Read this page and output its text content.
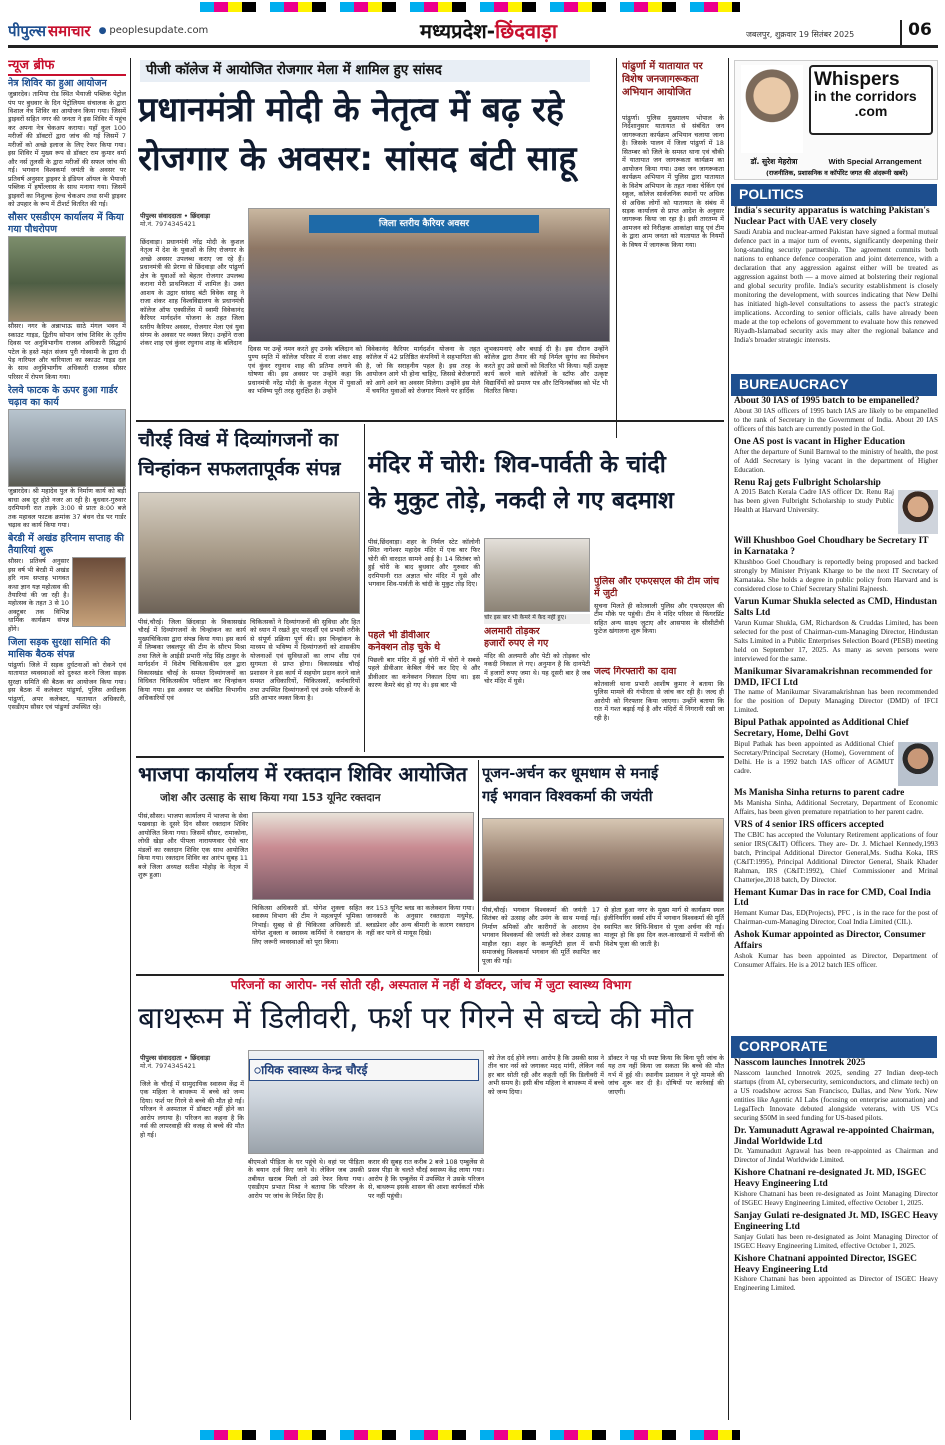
पीपुल्स समाचार ● peoplesupdate.com	मध्यप्रदेश-छिंदवाड़ा	जबलपुर, शुक्रवार 19 सितंबर 2025	06
न्यूज ब्रीफ
नेत्र शिविर का हुआ आयोजन
जुन्नारदेव। तामिया रोड स्थित भैयाजी पब्लिक पेट्रोल पंप पर बुधवार के दिन पेट्रोलियम संचालक के द्वारा विशाल नेत्र शिविर का आयोजन किया गया। जिसमें ड्राइवरों सहित नगर की जनता ने इस शिविर में पहुंच कर अपना नेत्र चेकअप कराया। यहाँ कुल 100 मरीजों की डॉक्टरों द्वारा जांच की गई जिसमें 7 मरीजों को अच्छे इलाज के लिए रेफर किया गया। इस शिविर में मुख्य रूप से डॉक्टर राम कुमार वर्मा और नर्स तुलसी के द्वारा मरीजों की सफल जांच की गई। भगवान विश्वकर्मा जयंती के अवसर पर प्रतिवर्ष अनुसार ड्राइवर डे इंडियन ऑयल के भैयाजी पब्लिक में हर्षोल्लास के साथ मनाया गया। जिसमें ड्राइवरों का निशुल्क हेल्थ चेकअप तथा सभी ड्राइवर को उपहार के रूप में टीशर्ट वितरित की गई।
सौसर एसडीएम कार्यालय में किया गया पौधरोपण
सौसर। नगर के अन्नाभाऊ साठे मंगल भवन में स्काउट गाइड, द्वितीय सोपान जांच शिविर के तृतीय दिवस पर अनुविभागीय राजस्व अधिकारी सिद्धार्थ पटेल के हस्ते महंत संजय पुरी गोस्वामी के द्वारा दी पेड़ नारियल और चारियाला का स्काउट गाइड दल के साथ अनुविभागीय अधिकारी राजस्व सौसर परिसर में रोपण किया गया।
रेलवे फाटक के ऊपर हुआ गार्डर चढ़ाव का कार्य
जुन्नारदेव। श्री महादेव पुल के निर्माण कार्य को बड़ी बाधा अब दूर होते नजर आ रही है। बुधवार-गुरुवार दरमियानी रात तड़के 3:00 से प्रातः 8:00 बजे तक महावल फाटक क्रमांक 37 बंधन रोड पर गार्डर चढ़ाव का कार्य किया गया।
बेरडी में अखंड हरिनाम सप्ताह की तैयारियां शुरू
सौसर। प्रतिवर्ष अनुसार इस वर्ष भी बेरडी में अखंड हरि नाम सप्ताह भागवत कथा ज्ञान यज्ञ महोत्सव की तैयारियां की जा रही है। महोत्सव के तहत 3 से 10 अक्टूबर तक विभिन्न धार्मिक कार्यक्रम संपन्न होंगे।
जिला सड़क सुरक्षा समिति की मासिक बैठक संपन्न
पांढुर्णा। जिले में सड़क दुर्घटनाओं को रोकने एवं यातायात व्यवस्थाओं को दुरुस्त करने जिला सड़क सुरक्षा समिति की बैठक का आयोजन किया गया। इस बैठक में कलेक्टर पांढुर्णा, पुलिस अधीक्षक पांढुर्णा, अपर कलेक्टर, यातायात अधिकारी, एसडीएम सौसर एवं पांढुर्णा उपस्थित रहे।
पीजी कॉलेज में आयोजित रोजगार मेला में शामिल हुए सांसद
प्रधानमंत्री मोदी के नेतृत्व में बढ़ रहे
रोजगार के अवसर: सांसद बंटी साहू
पीपुल्स संवाददाता • छिंदवाड़ा
मो.नं. 7974345421	जिला स्तरीय कैरियर अवसर
छिंदवाड़ा। प्रधानमंत्री नरेंद्र मोदी के कुशल नेतृत्व में देश के युवाओं के लिए रोजगार के अच्छे अवसर उपलब्ध कराए जा रहे हैं। प्रधानमंत्री की प्रेरणा से छिंदवाड़ा और पांढुर्णा क्षेत्र के युवाओं को बेहतर रोजगार उपलब्ध कराना मेरी प्राथमिकता में शामिल है। उक्त आशय के उद्गार सांसद बंटी विवेक साहू ने राजा शंकर शाह विश्वविद्यालय के प्रधानमंत्री कॉलेज ऑफ एक्सीलेंस में स्वामी विवेकानंद कैरियर मार्गदर्शन योजना के तहत जिला स्तरीय कैरियर अवसर, रोजगार मेला एवं युवा संगम के अवसर पर व्यक्त किए। उन्होंने राजा शंकर शाह एवं कुंवर रघुनाथ शाह के बलिदान
दिवस पर उन्हें नमन करते हुए उनके बलिदान को पुण्य स्मृति में कॉलेज परिसर में राजा शंकर शाह एवं कुंवर रघुनाथ शाह की प्रतिमा लगाने की घोषणा की। इस अवसर पर उन्होंने कहा कि प्रधानमंत्री नरेंद्र मोदी के कुशल नेतृत्व में युवाओं का भविष्य पूरी तरह सुरक्षित है। उन्होंने
विवेकानंद कैरियर मार्गदर्शन योजना के तहत कॉलेज में 42 प्रतिष्ठित कंपनियों ने सहभागिता की है, जो कि सराहनीय पहल है। इस तरह के आयोजन आगे भी होना चाहिए, जिससे बेरोजगारों को आगे आने का अवसर मिलेगा। उन्होंने इस मेले में चयनित युवाओं को रोजगार मिलने पर हार्दिक
शुभकामनाएं और बधाई दी है। इस दौरान उन्होंने कॉलेज द्वारा तैयार की गई निर्मल सुगंध का विमोचन करते हुए उसे छात्रों को वितरित भी किया। यहीं उत्कृष्ट कार्य करने वाले कॉलेजों के स्टॉफ और उत्कृष्ट विद्यार्थियों को प्रमाण पत्र और टिफिनबॉक्स को भेंट भी वितरित किया।
पांढुर्णा में यातायात पर विशेष जनजागरूकता अभियान आयोजित
पांढुर्णा। पुलिस मुख्यालय भोपाल के निर्देशानुसार यातायात से संबंधित जन जागरूकता कार्यक्रम अभियान चलाया जाना है। जिसके पालन में जिला पांढुर्णा में 18 सितम्बर को जिले के समस्त थाना एवं चौकी में यातायात जन जागरूकता कार्यक्रम का आयोजन किया गया। उक्त जन जागरूकता कार्यक्रम अभियान में पुलिस द्वारा यातायात के विशेष अभियान के तहत नाका चेकिंग एवं स्कूल, कॉलेज सार्वजनिक स्थानों पर अधिक से अधिक लोगों को यातायात के संबंध में सड़क कार्यालय से प्राप्त आदेश के अनुसार जागरूक किया जा रहा है। इसी तारतम्य में आमजन को निरीक्षक आकांक्षा साहू एवं टीम के द्वारा आम जनता को यातायात के नियमों के विषय में जागरूक किया गया।
चौरई विखं में दिव्यांगजनों का
चिन्हांकन सफलतापूर्वक संपन्न
पीसं,चौरई। जिला छिंदवाड़ा के विकासखंड चौरई में दिव्यांगजनों के चिन्हांकन का कार्य मुख्यचिकित्सा द्वारा संपन्न किया गया। इस कार्य में लिम्बका जबलपुर की टीम के सौरभ मिश्रा तथा जिले के आईडी प्रभारी नरेंद्र सिंह ठाकुर के मार्गदर्शन में विशेष चिकित्सकीय दल द्वारा विकासखंड चौरई के समस्त दिव्यांगजनों का विधिवत चिकित्सकीय परीक्षण कर चिन्हांकन किया गया। इस अवसर पर संबंधित विभागीय अधिकारियों एवं
चिकित्सकों ने दिव्यांगजनों की सुविधा और हित को ध्यान में रखते हुए पारदर्शी एवं प्रभावी तरीके से संपूर्ण प्रक्रिया पूर्ण की। इस चिन्हांकन के माध्यम से भविष्य में दिव्यांगजनों को शासकीय योजनाओं एवं सुविधाओं का लाभ शीघ्र एवं सुगमता से प्राप्त होगा। विकासखंड चौरई प्रशासन ने इस कार्य में सहयोग प्रदान करने वाले समस्त अधिकारियों, चिकित्सकों, कर्मचारियों तथा उपस्थित दिव्यांगजनों एवं उनके परिजनों के प्रति आभार व्यक्त किया है।
मंदिर में चोरी: शिव-पार्वती के चांदी
के मुकुट तोड़े, नकदी ले गए बदमाश
पीसं,छिंदवाड़ा। शहर के निर्मल स्टेट कॉलोनी स्थित नागेश्वर महादेव मंदिर में एक बार फिर चोरी की वारदात सामने आई है। 14 सितंबर को हुई चोरी के बाद बुधवार और गुरुवार की दरमियानी रात अज्ञात चोर मंदिर में घुसे और भगवान शिव-पार्वती के चांदी के मुकुट तोड़ दिए।
पहले भी डीवीआर
कनेक्शन तोड़ चुके थे
पिछली बार मंदिर में हुई चोरी में चोरों ने सबसे पहले डीवीआर केबिल नीचे कर दिए थे और डीवीआर का कनेक्शन निकाल दिया था। इस कारण कैमरे बंद हो गए थे। इस बार भी
चोर इस बार भी कैमरे में कैद नहीं हुए।
अलमारी तोड़कर
हजारों रुपए ले गए
मंदिर की अलमारी और पेटी को तोड़कर चोर नकदी निकाल ले गए। अनुमान है कि दानपेटी में हजारों रुपए जमा थे। यह दूसरी बार है जब चोर मंदिर में घुसे।
पुलिस और एफएसएल की टीम जांच में जुटी
सूचना मिलते ही कोतवाली पुलिस और एफएसएल की टीम मौके पर पहुंची। टीम ने मंदिर परिसर से फिंगरप्रिंट सहित अन्य साक्ष्य जुटाए और आसपास के सीसीटीवी फुटेज खंगालना शुरू किया।
जल्द गिरफ्तारी का दावा
कोतवाली थाना प्रभारी आशीष कुमार ने बताया कि पुलिस मामले की गंभीरता से जांच कर रही है। जल्द ही आरोपी को गिरफ्तार किया जाएगा। उन्होंने बताया कि रात में गश्त बढ़ाई गई है और मंदिरों में निगरानी रखी जा रही है।
भाजपा कार्यालय में रक्तदान शिविर आयोजित
जोश और उत्साह के साथ किया गया 153 यूनिट रक्तदान
पीसं,सौसर। भाजपा कार्यालय में भाजपा के सेवा पखवाड़ा के दूसरे दिन सौसर रक्तदान शिविर आयोजित किया गया। जिसमें सौसर, रामाकोना, लोधी खेड़ा और पीपला नारायणवार ऐसे चार मंडलों का रक्तदान शिविर एक साथ आयोजित किया गया। रक्तदान शिविर का आरंभ सुबह 11 बजे जिला अध्यक्ष सतीश मोहोड़ के नेतृत्व में शुरू हुआ।
चिकित्सा अधिकारी डॉ. योगेश शुक्ला सहित स्वास्थ्य विभाग की टीम ने महत्वपूर्ण भूमिका निभाई। सुबह से ही चिकित्सा अधिकारी डॉ. योगेश शुक्ला व स्वास्थ्य कर्मियों ने रक्तदान के लिए जरूरी व्यवस्थाओं को पूरा किया।
कर 153 यूनिट ब्लड का कलेक्शन किया गया। जानकारी के अनुसार रक्तदाता मधुमेह, ब्लडप्रेशर और अन्य बीमारी के कारण रक्तदान नहीं कर पाने से मायूस दिखे।
पूजन-अर्चन कर धूमधाम से मनाई
गई भगवान विश्वकर्मा की जयंती
पीसं,चौरई। भगवान विश्वकर्मा की जयंती 17 सितंबर को उत्साह और उमंग के साथ मनाई गई। निर्माण श्रमिकों और कारीगरों के आराध्य देव भगवान विश्वकर्मा की जयंती को लेकर उत्साह का माहौल रहा। शहर के कम्युनिटी हाल में सभी समाजबंधु विश्वकर्मा भगवान की मूर्ति स्थापित कर पूजा की गई।
से होता हुआ नगर के मुख्य मार्ग से कार्यक्रम स्थल इंजीनियरिंग वर्क्स शॉप में भगवान विश्वकर्मा की मूर्ति स्थापित कर विधि-विधान से पूजा अर्चना की गई। मालूम हो कि इस दिन कल-कारखानों में मशीनों की विशेष पूजा की जाती है।
परिजनों का आरोप- नर्स सोती रही, अस्पताल में नहीं थे डॉक्टर, जांच में जुटा स्वास्थ्य विभाग
बाथरूम में डिलीवरी, फर्श पर गिरने से बच्चे की मौत
पीपुल्स संवाददाता • छिंदवाड़ा
मो.नं. 7974345421	ायिक स्वास्थ्य केन्द्र चौरई
जिले के चौरई में सामुदायिक स्वास्थ्य केंद्र में एक महिला ने बाथरूम में बच्चे को जन्म दिया। फर्श पर गिरने से बच्चे की मौत हो गई। परिजन ने अस्पताल में डॉक्टर नहीं होने का आरोप लगाया है। परिजन का कहना है कि नर्स की लापरवाही की वजह से बच्चे की मौत हो गई।
बीएमओ पीड़िता के घर पहुंचे थे। वहां पर पीड़िता के बयान दर्ज किए जाने थे। लेकिन जब उसकी तबीयत खराब मिली तो उसे रेफर किया गया। एसडीएम प्रभात मिश्रा ने बताया कि परिजन के आरोप पर जांच के निर्देश दिए हैं।
करार की सुबह रात करीब 2 बजे 108 एम्बुलेंस से प्रसव पीड़ा के चलते चौरई स्वास्थ्य केंद्र लाया गया। आरोप है कि एम्बुलेंस में उपस्थित ने उसके परिजन से, बाथरूम इसके शासन की आशा कार्यकर्ता मौके पर नहीं पहुंची।
को तेज दर्द होने लगा। आरोप है कि उसकी सास ने तीन चार नर्स को जगाकर मदद मांगी, लेकिन नर्स हर बार सोती रही और कहती रहीं कि डिलीवरी में अभी समय है। इसी बीच महिला ने बाथरूम में बच्चे को जन्म दिया।
डॉक्टर ने यह भी स्पष्ट किया कि बिना पूरी जांच के यह तय नहीं किया जा सकता कि बच्चे की मौत गर्भ में हुई थी। स्थानीय प्रशासन ने पूरे मामले की जांच शुरू कर दी है। दोषियों पर कार्रवाई की जाएगी।
Whispers
in the corridors
.com
डॉ. सुरेश मेहरोत्रा	With Special Arrangement
(राजनीतिक, प्रशासनिक व कॉर्पोरेट जगत की अंदरूनी खबरें)
POLITICS
India's security apparatus is watching Pakistan's Nuclear Pact with UAE very closely
Saudi Arabia and nuclear-armed Pakistan have signed a formal mutual defence pact in a major turn of events, significantly deepening their long-standing security partnership. The agreement commits both nations to enhance defence cooperation and joint deterrence, with a declaration that any aggression against either will be treated as aggression against both — a move aimed at bolstering their regional and global security profile. India's security establishment is closely monitoring the development, with sources indicating that New Delhi has initiated high-level consultations to assess the pact's strategic implications. According to senior officials, calls have already been made at the top echelons of government to evaluate how this renewed Riyadh-Islamabad security axis may alter the regional balance and India's broader strategic interests.
BUREAUCRACY
About 30 IAS of 1995 batch to be empanelled?
About 30 IAS officers of 1995 batch IAS are likely to be empanelled to the rank of Secretary in the Government of India. About 20 IAS officers of this batch are currently posted in the GoI.
One AS post is vacant in Higher Education
After the departure of Sunil Barnwal to the ministry of health, the post of Addl Secretary is lying vacant in the department of Higher Education.
Renu Raj gets Fulbright Scholarship
A 2015 Batch Kerala Cadre IAS officer Dr. Renu Raj has been given Fulbright Scholarship to study Public Health at Harvard University.
Will Khushboo Goel Choudhary be Secretary IT in Karnataka ?
Khushboo Goel Choudhary is reportedly being proposed and backed strongly by Minister Priyank Kharge to be the next IT Secretary of Karnataka. She holds a degree in public policy from Harvard and is considered close to Chief Secretary Shalini Rajneesh.
Varun Kumar Shukla selected as CMD, Hindustan Salts Ltd
Varun Kumar Shukla, GM, Richardson & Cruddas Limited, has been selected for the post of Chairman-cum-Managing Director, Hindustan Salts Limited in a Public Enterprises Selection Board (PESB) meeting held on September 17, 2025. As many as seven persons were interviewed for the same.
Manikumar Sivaramakrishnan recommended for DMD, IFCI Ltd
The name of Manikumar Sivaramakrishnan has been recommended for the position of Deputy Managing Director (DMD) of IFCI Limited.
Bipul Pathak appointed as Additional Chief Secretary, Home, Delhi Govt
Bipul Pathak has been appointed as Additional Chief Secretary/Principal Secretary (Home), Government of Delhi. He is a 1992 batch IAS officer of AGMUT cadre.
Ms Manisha Sinha returns to parent cadre
Ms Manisha Sinha, Additional Secretary, Department of Economic Affairs, has been given premature repatriation to her parent cadre.
VRS of 4 senior IRS officers accepted
The CBIC has accepted the Voluntary Retirement applications of four senior IRS(C&IT) Officers. They are- Dr. J. Michael Kennedy,1993 batch, Principal Additional Director General,Ms. Sudha Koka, IRS (C&IT:1995), Principal Additional Director General, Shaik Khader Rahman, IRS (C&IT:1992), Chief Commissioner and Mrinal Chatterjee,2018 batch, Dy Director.
Hemant Kumar Das in race for CMD, Coal India Ltd
Hemant Kumar Das, ED(Projects), PFC , is in the race for the post of Chairman-cum-Managing Director, Coal India Limited (CIL).
Ashok Kumar appointed as Director, Consumer Affairs
Ashok Kumar has been appointed as Director, Department of Consumer Affairs. He is a 2012 batch IES officer.
CORPORATE
Nasscom launches Innotrek 2025
Nasscom launched Innotrek 2025, sending 27 Indian deep-tech startups (from AI, cybersecurity, semiconductors, and climate tech) on a US roadshow across San Francisco, Dallas, and New York. New entities like Agentic AI Labs (focusing on enterprise automation) and LegalTech Innovate debuted alongside veterans, with US VCs securing $50M in seed funding for US-based pilots.
Dr. Yamunadutt Agrawal re-appointed Chairman, Jindal Worldwide Ltd
Dr. Yamunadutt Agrawal has been re-appointed as Chairman and Director of Jindal Worldwide Limited.
Kishore Chatnani re-designated Jt. MD, ISGEC Heavy Engineering Ltd
Kishore Chatnani has been re-designated as Joint Managing Director of ISGEC Heavy Engineering Limited, effective October 1, 2025.
Sanjay Gulati re-designated Jt. MD, ISGEC Heavy Engineering Ltd
Sanjay Gulati has been re-designated as Joint Managing Director of ISGEC Heavy Engineering Limited, effective October 1, 2025.
Kishore Chatnani appointed Director, ISGEC Heavy Engineering Ltd
Kishore Chatnani has been appointed as Director of ISGEC Heavy Engineering Limited.
